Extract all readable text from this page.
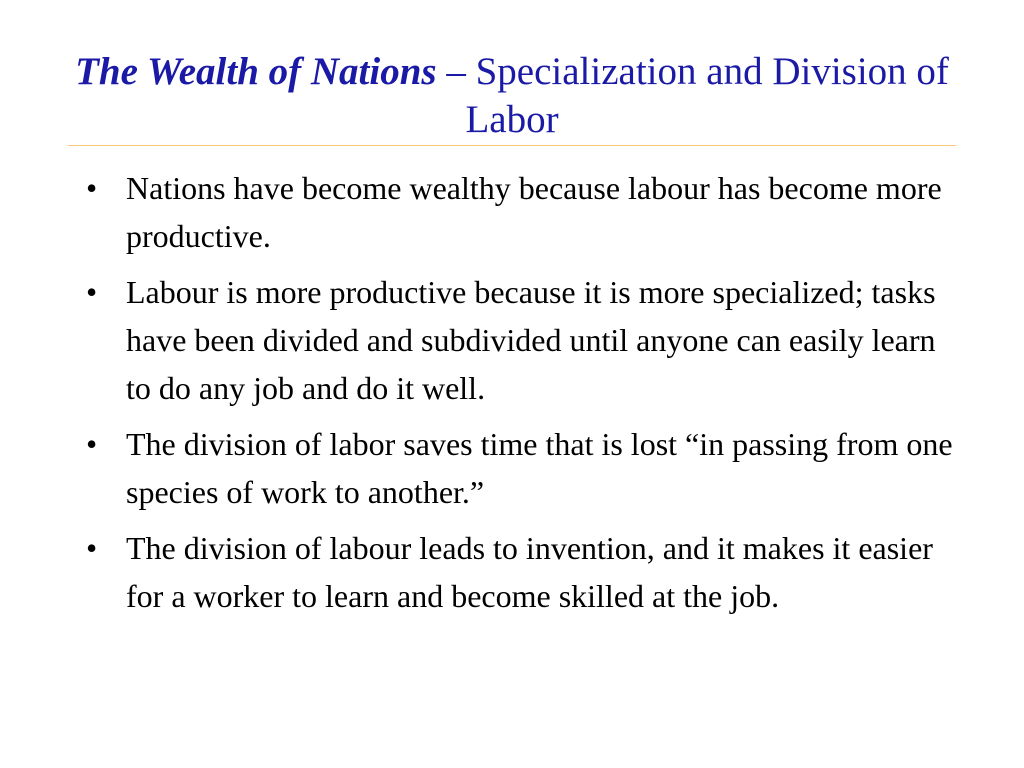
The Wealth of Nations – Specialization and Division of Labor
• Nations have become wealthy because labour has become more productive.
• Labour is more productive because it is more specialized; tasks have been divided and subdivided until anyone can easily learn to do any job and do it well.
• The division of labor saves time that is lost “in passing from one species of work to another.”
• The division of labour leads to invention, and it makes it easier for a worker to learn and become skilled at the job.
